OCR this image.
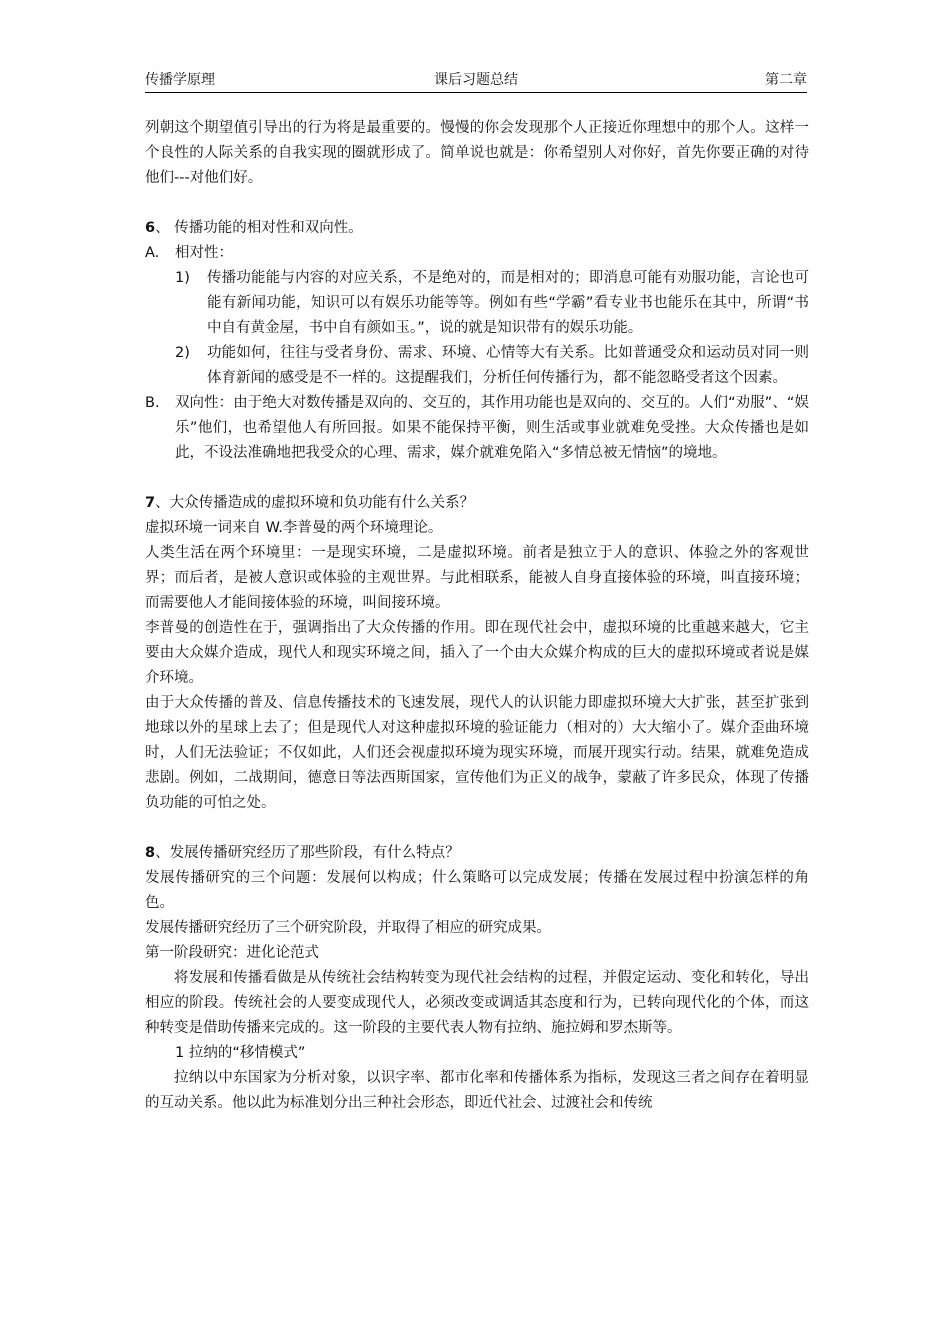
传播学原理	课后习题总结	第二章

列朝这个期望值引导出的行为将是最重要的。慢慢的你会发现那个人正接近你理想中的那个人。这样一个良性的人际关系的自我实现的圈就形成了。简单说也就是：你希望别人对你好，首先你要正确的对待他们---对他们好。

6、 传播功能的相对性和双向性。

A. 相对性：

1) 传播功能能与内容的对应关系，不是绝对的，而是相对的；即消息可能有劝服功能，言论也可能有新闻功能，知识可以有娱乐功能等等。例如有些“学霸”看专业书也能乐在其中，所谓“书中自有黄金屋，书中自有颜如玉。”，说的就是知识带有的娱乐功能。

2) 功能如何，往往与受者身份、需求、环境、心情等大有关系。比如普通受众和运动员对同一则体育新闻的感受是不一样的。这提醒我们，分析任何传播行为，都不能忽略受者这个因素。

B. 双向性：由于绝大对数传播是双向的、交互的，其作用功能也是双向的、交互的。人们“劝服”、“娱乐”他们，也希望他人有所回报。如果不能保持平衡，则生活或事业就难免受挫。大众传播也是如此，不设法准确地把我受众的心理、需求，媒介就难免陷入“多情总被无情恼”的境地。

7、大众传播造成的虚拟环境和负功能有什么关系？

虚拟环境一词来自 W.李普曼的两个环境理论。

人类生活在两个环境里：一是现实环境，二是虚拟环境。前者是独立于人的意识、体验之外的客观世界；而后者，是被人意识或体验的主观世界。与此相联系，能被人自身直接体验的环境，叫直接环境；而需要他人才能间接体验的环境，叫间接环境。

李普曼的创造性在于，强调指出了大众传播的作用。即在现代社会中，虚拟环境的比重越来越大，它主要由大众媒介造成，现代人和现实环境之间，插入了一个由大众媒介构成的巨大的虚拟环境或者说是媒介环境。

由于大众传播的普及、信息传播技术的飞速发展，现代人的认识能力即虚拟环境大大扩张，甚至扩张到地球以外的星球上去了；但是现代人对这种虚拟环境的验证能力（相对的）大大缩小了。媒介歪曲环境时，人们无法验证；不仅如此，人们还会视虚拟环境为现实环境，而展开现实行动。结果，就难免造成悲剧。例如，二战期间，德意日等法西斯国家，宣传他们为正义的战争，蒙蔽了许多民众，体现了传播负功能的可怕之处。

8、发展传播研究经历了那些阶段，有什么特点？

发展传播研究的三个问题：发展何以构成；什么策略可以完成发展；传播在发展过程中扮演怎样的角色。

发展传播研究经历了三个研究阶段，并取得了相应的研究成果。

第一阶段研究：进化论范式

将发展和传播看做是从传统社会结构转变为现代社会结构的过程，并假定运动、变化和转化，导出相应的阶段。传统社会的人要变成现代人，必须改变或调适其态度和行为，已转向现代化的个体，而这种转变是借助传播来完成的。这一阶段的主要代表人物有拉纳、施拉姆和罗杰斯等。

1 拉纳的“移情模式”

拉纳以中东国家为分析对象，以识字率、都市化率和传播体系为指标，发现这三者之间存在着明显的互动关系。他以此为标准划分出三种社会形态，即近代社会、过渡社会和传统
